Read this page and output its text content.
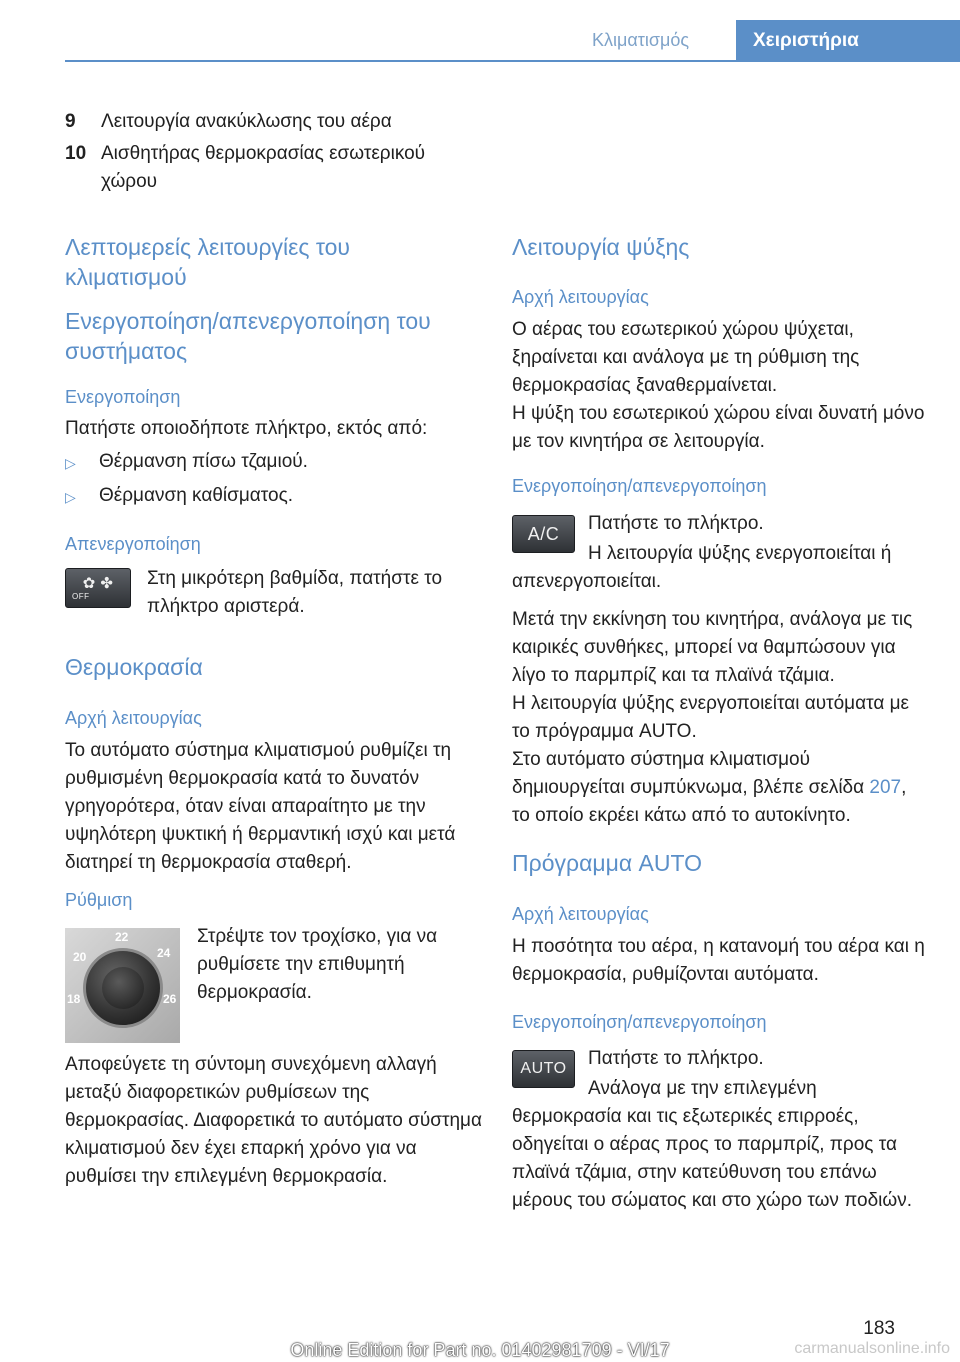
Κλιματισμός	Χειριστήρια
9	Λειτουργία ανακύκλωσης του αέρα
10 Αισθητήρας θερμοκρασίας εσωτερικού χώρου
Λεπτομερείς λειτουργίες του κλιματισμού
Ενεργοποίηση/απενεργοποίηση του συστήματος
Ενεργοποίηση
Πατήστε οποιοδήποτε πλήκτρο, εκτός από:
▷	Θέρμανση πίσω τζαμιού.
▷	Θέρμανση καθίσματος.
Απενεργοποίηση
✿ ✤
OFF
Στη μικρότερη βαθμίδα, πατήστε το πλήκτρο αριστερά.
Θερμοκρασία
Αρχή λειτουργίας
Το αυτόματο σύστημα κλιματισμού ρυθμίζει τη ρυθμισμένη θερμοκρασία κατά το δυνατόν γρηγορότερα, όταν είναι απαραίτητο με την υψηλότερη ψυκτική ή θερμαντική ισχύ και μετά διατηρεί τη θερμοκρασία σταθερή.
Ρύθμιση
22
20	24
18	26
Στρέψτε τον τροχίσκο, για να ρυθμίσετε την επιθυμητή θερμοκρασία.
Αποφεύγετε τη σύντομη συνεχόμενη αλλαγή μεταξύ διαφορετικών ρυθμίσεων της θερμοκρασίας. Διαφορετικά το αυτόματο σύστημα κλιματισμού δεν έχει επαρκή χρόνο για να ρυθμίσει την επιλεγμένη θερμοκρασία.
Λειτουργία ψύξης
Αρχή λειτουργίας
Ο αέρας του εσωτερικού χώρου ψύχεται, ξηραίνεται και ανάλογα με τη ρύθμιση της θερμοκρασίας ξαναθερμαίνεται.
Η ψύξη του εσωτερικού χώρου είναι δυνατή μόνο με τον κινητήρα σε λειτουργία.
Ενεργοποίηση/απενεργοποίηση
A/C	Πατήστε το πλήκτρο.
Η λειτουργία ψύξης ενεργοποιείται ή απενεργοποιείται.
Μετά την εκκίνηση του κινητήρα, ανάλογα με τις καιρικές συνθήκες, μπορεί να θαμπώσουν για λίγο το παρμπρίζ και τα πλαϊνά τζάμια.
Η λειτουργία ψύξης ενεργοποιείται αυτόματα με το πρόγραμμα AUTO.
Στο αυτόματο σύστημα κλιματισμού δημιουργείται συμπύκνωμα, βλέπε σελίδα 207, το οποίο εκρέει κάτω από το αυτοκίνητο.
Πρόγραμμα AUTO
Αρχή λειτουργίας
Η ποσότητα του αέρα, η κατανομή του αέρα και η θερμοκρασία, ρυθμίζονται αυτόματα.
Ενεργοποίηση/απενεργοποίηση
AUTO	Πατήστε το πλήκτρο.
Ανάλογα με την επιλεγμένη θερμοκρασία και τις εξωτερικές επιρροές, οδηγείται ο αέρας προς το παρμπρίζ, προς τα πλαϊνά τζάμια, στην κατεύθυνση του επάνω μέρους του σώματος και στο χώρο των ποδιών.
183
Online Edition for Part no. 01402981709 - VI/17	carmanualsonline.info
